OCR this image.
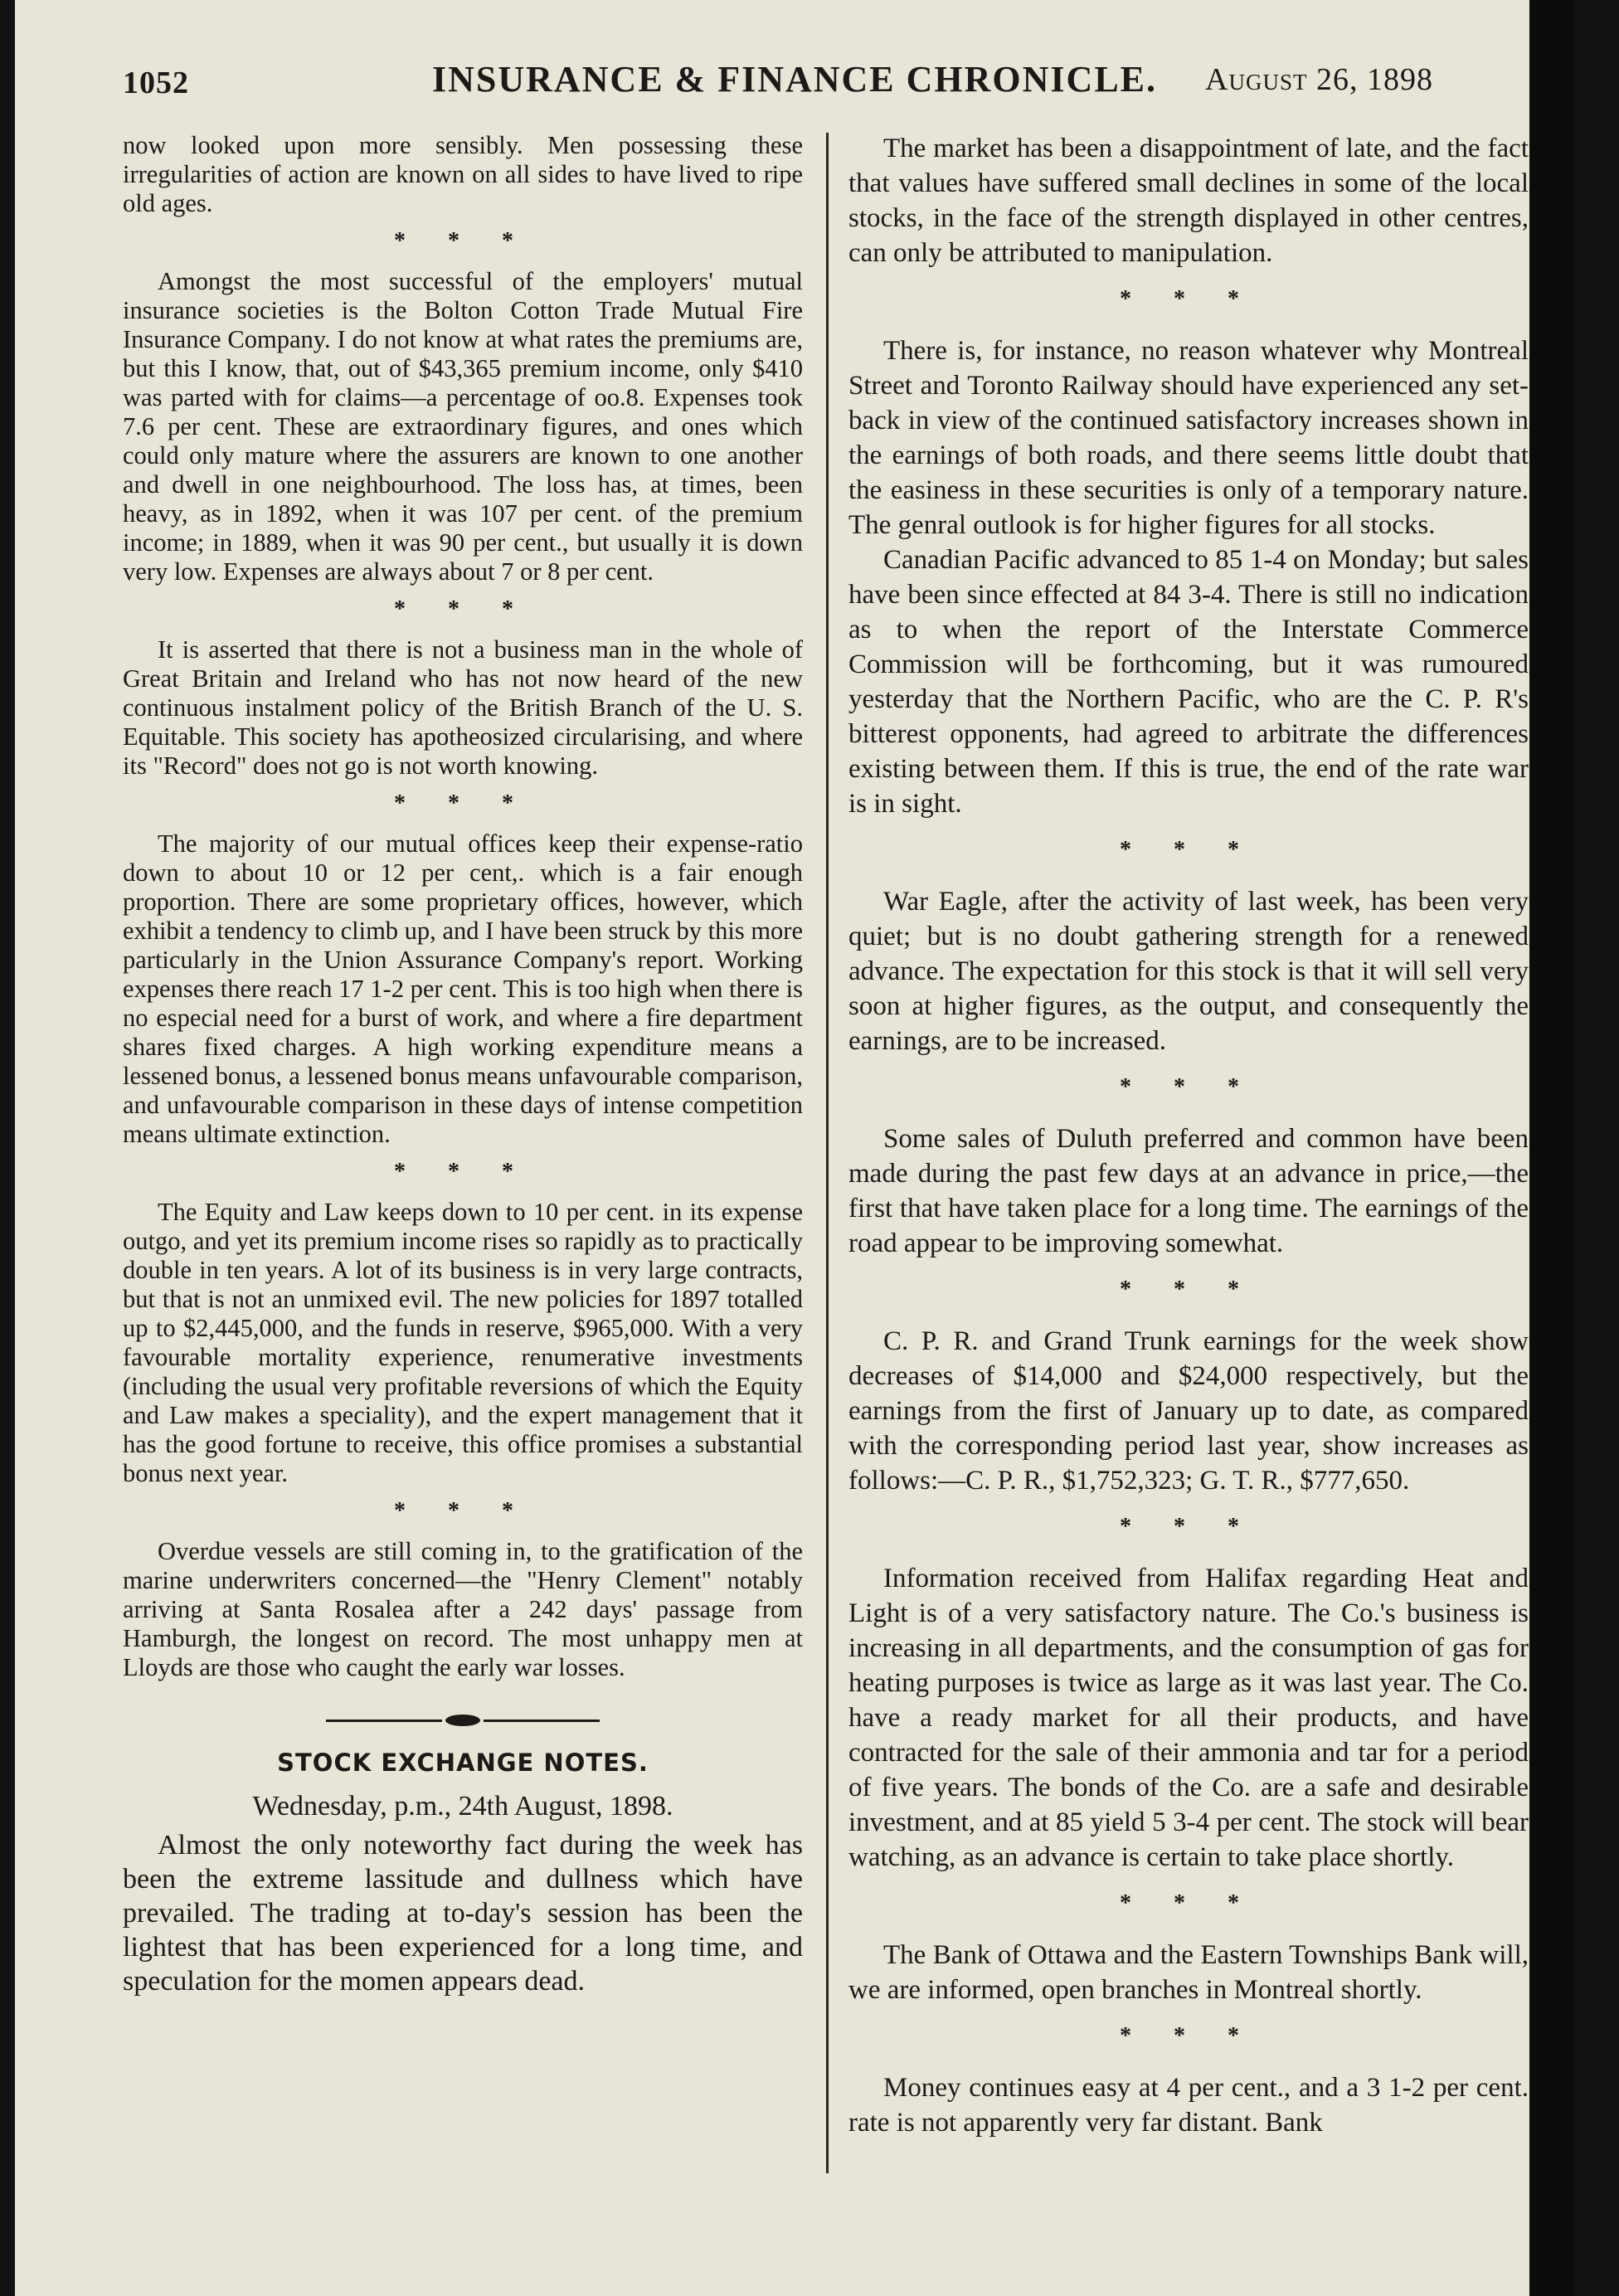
1052	INSURANCE & FINANCE CHRONICLE.	August 26, 1898

now looked upon more sensibly. Men possessing these irregularities of action are known on all sides to have lived to ripe old ages.

* * *

Amongst the most successful of the employers' mutual insurance societies is the Bolton Cotton Trade Mutual Fire Insurance Company. I do not know at what rates the premiums are, but this I know, that, out of $43,365 premium income, only $410 was parted with for claims—a percentage of oo.8. Expenses took 7.6 per cent. These are extraordinary figures, and ones which could only mature where the assurers are known to one another and dwell in one neighbourhood. The loss has, at times, been heavy, as in 1892, when it was 107 per cent. of the premium income; in 1889, when it was 90 per cent., but usually it is down very low. Expenses are always about 7 or 8 per cent.

* * *

It is asserted that there is not a business man in the whole of Great Britain and Ireland who has not now heard of the new continuous instalment policy of the British Branch of the U. S. Equitable. This society has apotheosized circularising, and where its "Record" does not go is not worth knowing.

* * *

The majority of our mutual offices keep their expense-ratio down to about 10 or 12 per cent,. which is a fair enough proportion. There are some proprietary offices, however, which exhibit a tendency to climb up, and I have been struck by this more particularly in the Union Assurance Company's report. Working expenses there reach 17 1-2 per cent. This is too high when there is no especial need for a burst of work, and where a fire department shares fixed charges. A high working expenditure means a lessened bonus, a lessened bonus means unfavourable comparison, and unfavourable comparison in these days of intense competition means ultimate extinction.

* * *

The Equity and Law keeps down to 10 per cent. in its expense outgo, and yet its premium income rises so rapidly as to practically double in ten years. A lot of its business is in very large contracts, but that is not an unmixed evil. The new policies for 1897 totalled up to $2,445,000, and the funds in reserve, $965,000. With a very favourable mortality experience, renumerative investments (including the usual very profitable reversions of which the Equity and Law makes a speciality), and the expert management that it has the good fortune to receive, this office promises a substantial bonus next year.

* * *

Overdue vessels are still coming in, to the gratification of the marine underwriters concerned—the "Henry Clement" notably arriving at Santa Rosalea after a 242 days' passage from Hamburgh, the longest on record. The most unhappy men at Lloyds are those who caught the early war losses.

STOCK EXCHANGE NOTES.
Wednesday, p.m., 24th August, 1898.

Almost the only noteworthy fact during the week has been the extreme lassitude and dullness which have prevailed. The trading at to-day's session has been the lightest that has been experienced for a long time, and speculation for the momen appears dead.

The market has been a disappointment of late, and the fact that values have suffered small declines in some of the local stocks, in the face of the strength displayed in other centres, can only be attributed to manipulation.

* * *

There is, for instance, no reason whatever why Montreal Street and Toronto Railway should have experienced any set-back in view of the continued satisfactory increases shown in the earnings of both roads, and there seems little doubt that the easiness in these securities is only of a temporary nature. The genral outlook is for higher figures for all stocks.

Canadian Pacific advanced to 85 1-4 on Monday; but sales have been since effected at 84 3-4. There is still no indication as to when the report of the Interstate Commerce Commission will be forthcoming, but it was rumoured yesterday that the Northern Pacific, who are the C. P. R's bitterest opponents, had agreed to arbitrate the differences existing between them. If this is true, the end of the rate war is in sight.

* * *

War Eagle, after the activity of last week, has been very quiet; but is no doubt gathering strength for a renewed advance. The expectation for this stock is that it will sell very soon at higher figures, as the output, and consequently the earnings, are to be increased.

* * *

Some sales of Duluth preferred and common have been made during the past few days at an advance in price,—the first that have taken place for a long time. The earnings of the road appear to be improving somewhat.

* * *

C. P. R. and Grand Trunk earnings for the week show decreases of $14,000 and $24,000 respectively, but the earnings from the first of January up to date, as compared with the corresponding period last year, show increases as follows:—C. P. R., $1,752,323; G. T. R., $777,650.

* * *

Information received from Halifax regarding Heat and Light is of a very satisfactory nature. The Co.'s business is increasing in all departments, and the consumption of gas for heating purposes is twice as large as it was last year. The Co. have a ready market for all their products, and have contracted for the sale of their ammonia and tar for a period of five years. The bonds of the Co. are a safe and desirable investment, and at 85 yield 5 3-4 per cent. The stock will bear watching, as an advance is certain to take place shortly.

* * *

The Bank of Ottawa and the Eastern Townships Bank will, we are informed, open branches in Montreal shortly.

* * *

Money continues easy at 4 per cent., and a 3 1-2 per cent. rate is not apparently very far distant. Bank
